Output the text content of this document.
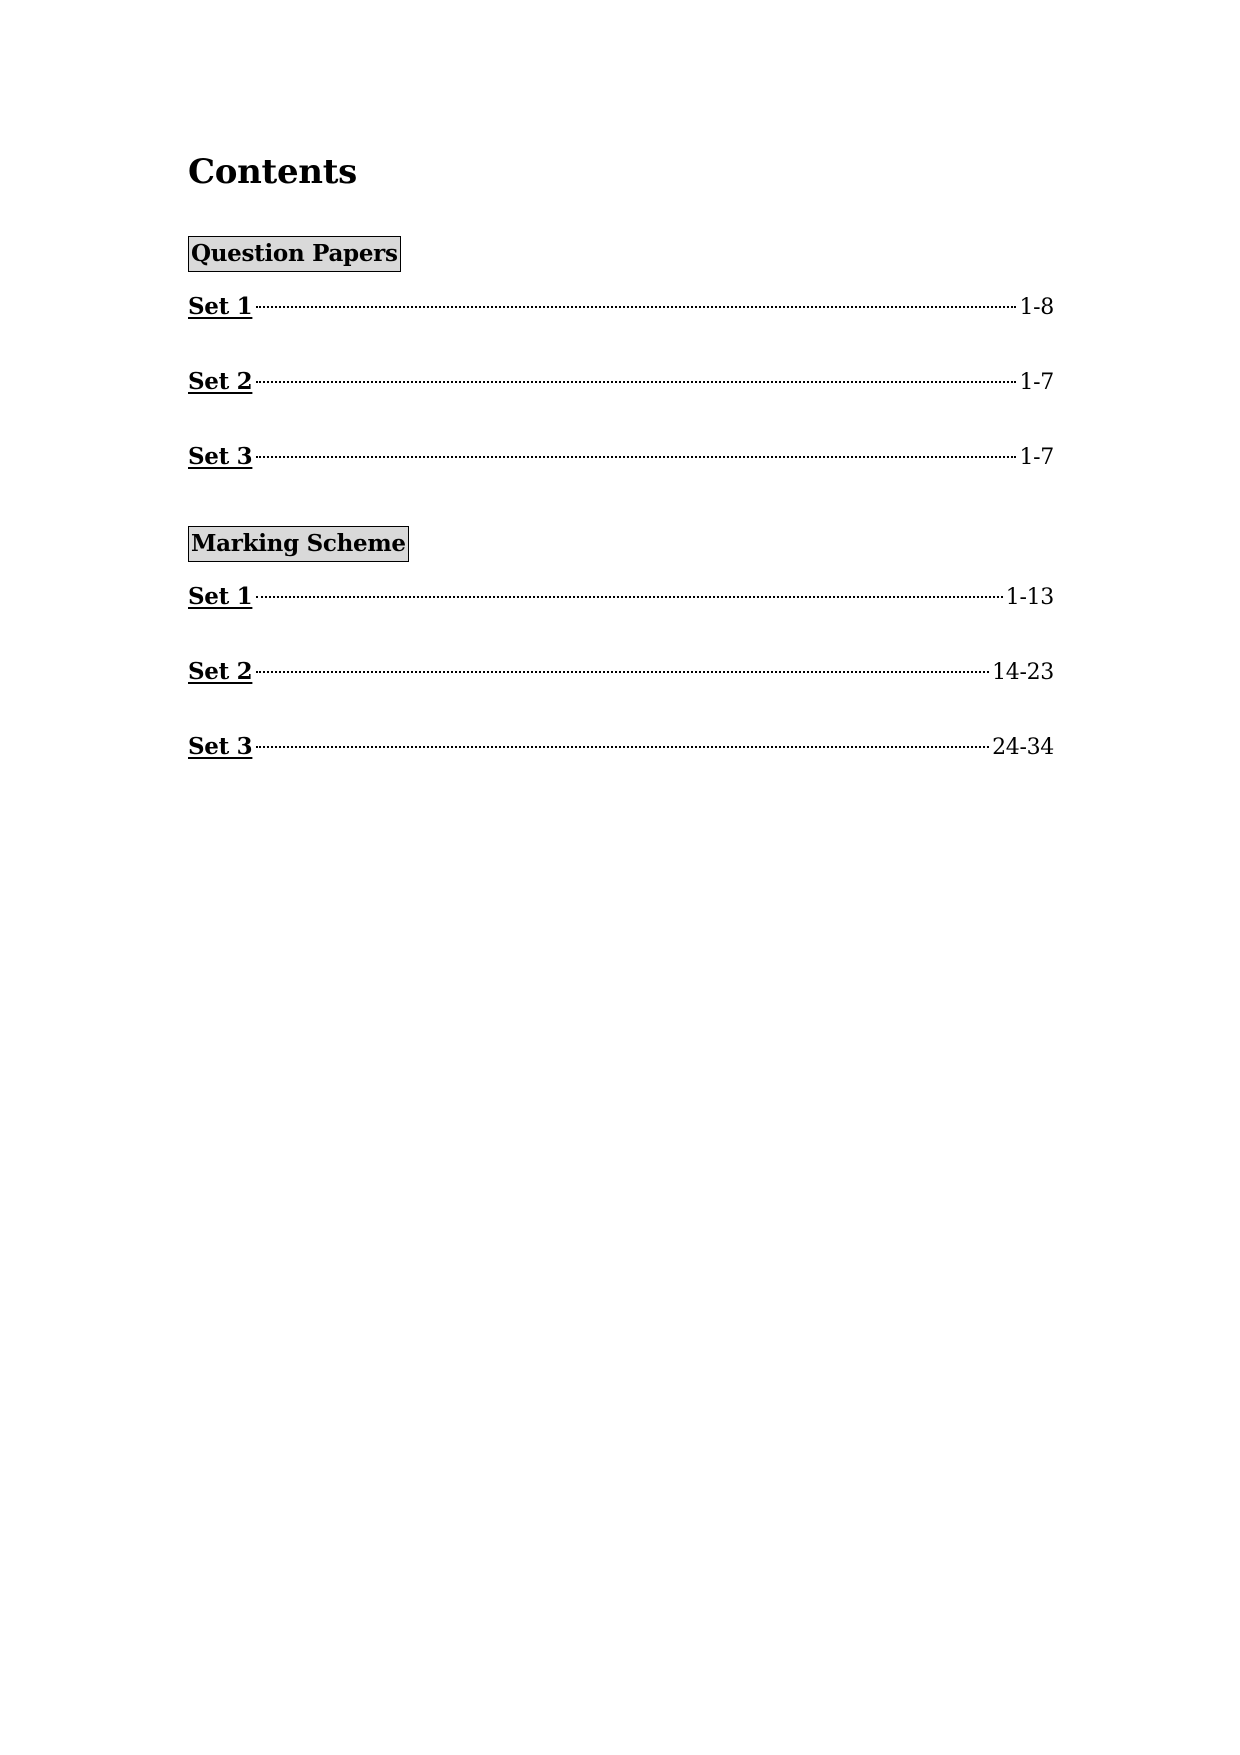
Contents
Question Papers
Set 1	1-8
Set 2	1-7
Set 3	1-7
Marking Scheme
Set 1	1-13
Set 2	14-23
Set 3	24-34
